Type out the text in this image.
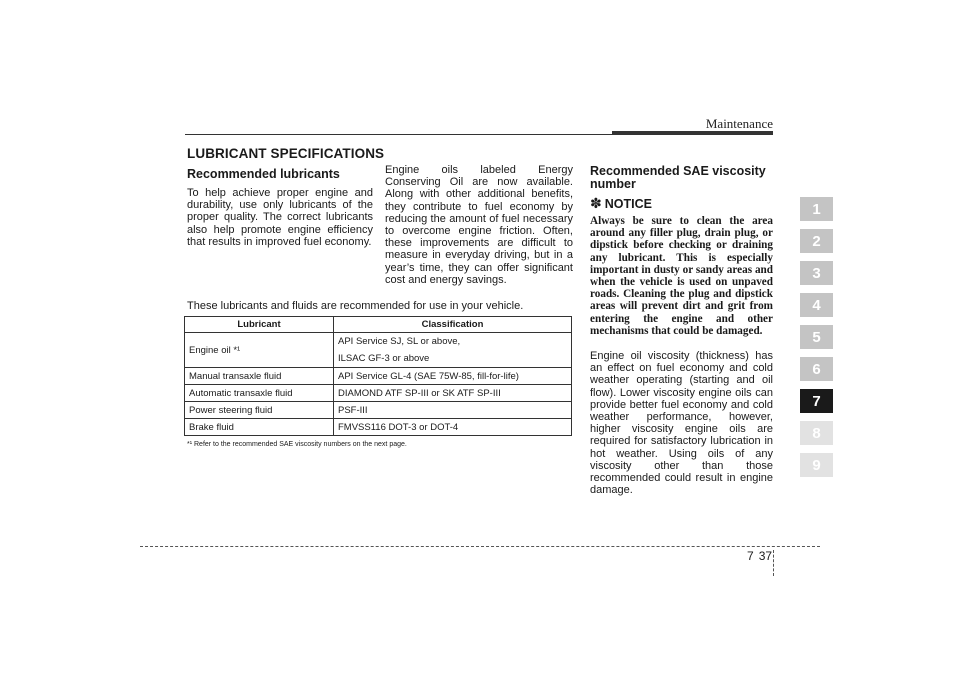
Maintenance
LUBRICANT SPECIFICATIONS
Recommended lubricants
To help achieve proper engine and durability, use only lubricants of the proper quality. The correct lubricants also help promote engine efficiency that results in improved fuel economy.
Engine oils labeled Energy Conserving Oil are now available. Along with other additional benefits, they contribute to fuel economy by reducing the amount of fuel necessary to overcome engine friction. Often, these improvements are difficult to measure in everyday driving, but in a year’s time, they can offer significant cost and energy savings.
These lubricants and fluids are recommended for use in your vehicle.
Lubricant	Classification
Engine oil *¹	API Service SJ, SL or above,
ILSAC GF-3 or above

Manual transaxle fluid	API Service GL-4 (SAE 75W-85, fill-for-life)
Automatic transaxle fluid	DIAMOND ATF SP-III or SK ATF SP-III
Power steering fluid	PSF-III
Brake fluid	FMVSS116 DOT-3 or DOT-4
*¹ Refer to the recommended SAE viscosity numbers on the next page.
Recommended SAE viscosity number
✽ NOTICE
Always be sure to clean the area around any filler plug, drain plug, or dipstick before checking or draining any lubricant. This is especially important in dusty or sandy areas and when the vehicle is used on unpaved roads. Cleaning the plug and dipstick areas will prevent dirt and grit from entering the engine and other mechanisms that could be damaged.
Engine oil viscosity (thickness) has an effect on fuel economy and cold weather operating (starting and oil flow). Lower viscosity engine oils can provide better fuel economy and cold weather performance, however, higher viscosity engine oils are required for satisfactory lubrication in hot weather. Using oils of any viscosity other than those recommended could result in engine damage.
1
2
3
4
5
6
7
8
9
7 37
